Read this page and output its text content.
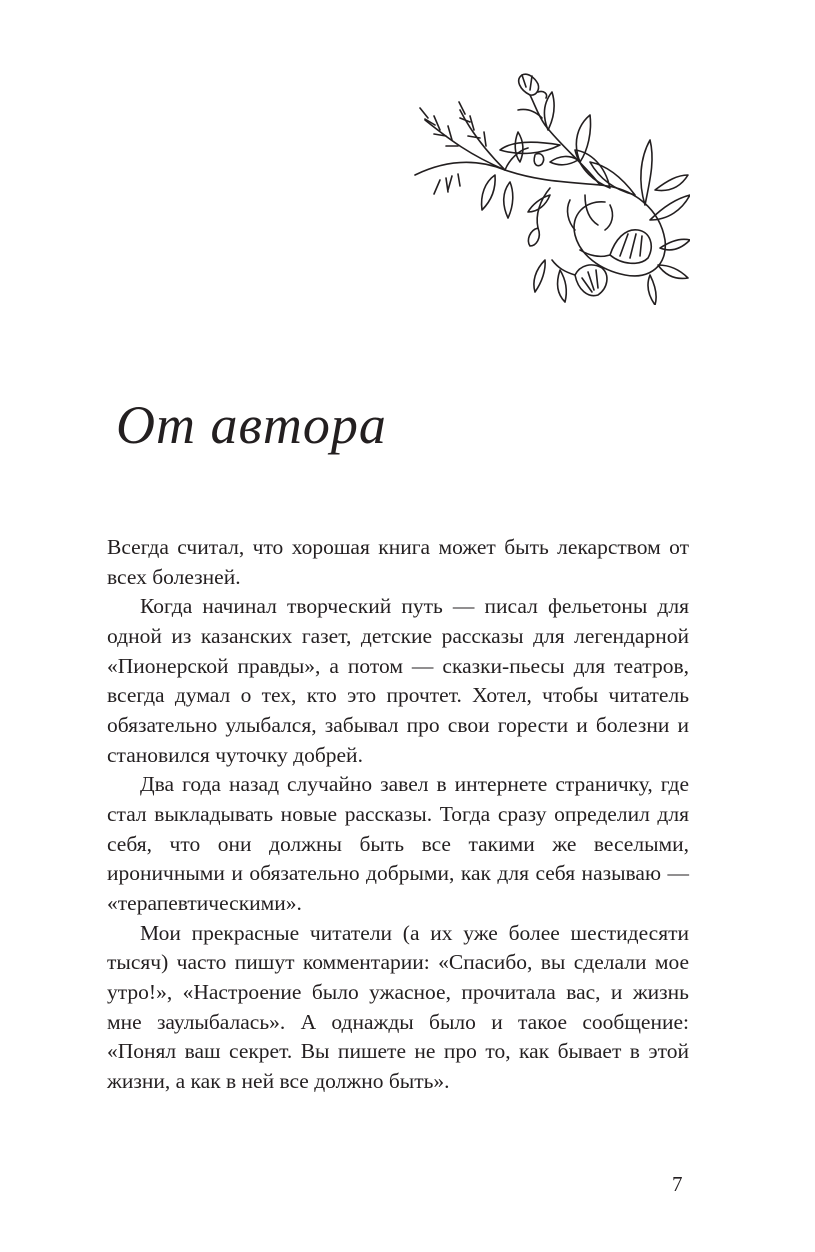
От автора

Всегда считал, что хорошая книга может быть лекарством от всех болезней.

Когда начинал творческий путь — писал фельетоны для одной из казанских газет, детские рассказы для легендарной «Пионерской правды», а потом — сказки-пьесы для театров, всегда думал о тех, кто это прочтет. Хотел, чтобы читатель обязательно улыбался, забывал про свои горести и болезни и становился чуточку добрей.

Два года назад случайно завел в интернете страничку, где стал выкладывать новые рассказы. Тогда сразу определил для себя, что они должны быть все такими же веселыми, ироничными и обязательно добрыми, как для себя называю — «терапевтическими».

Мои прекрасные читатели (а их уже более шестидесяти тысяч) часто пишут комментарии: «Спасибо, вы сделали мое утро!», «Настроение было ужасное, прочитала вас, и жизнь мне заулыбалась». А однажды было и такое сообщение: «Понял ваш секрет. Вы пишете не про то, как бывает в этой жизни, а как в ней все должно быть».

7
